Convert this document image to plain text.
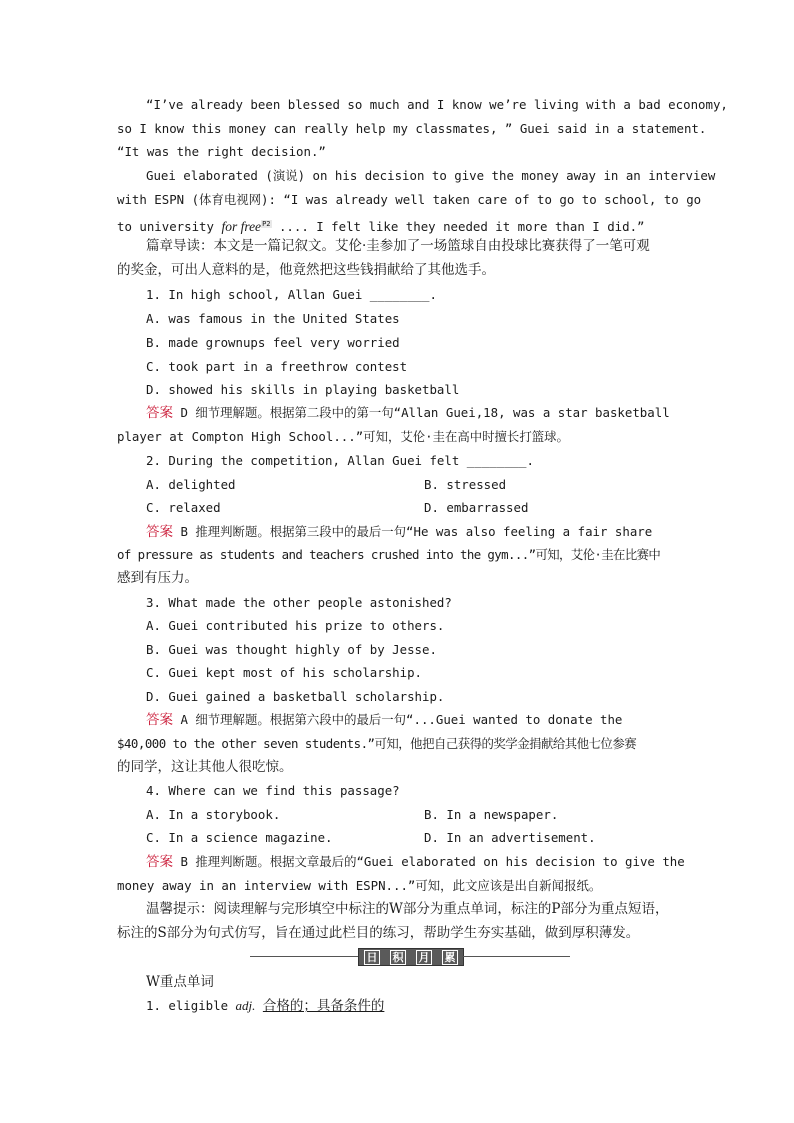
“I’ve already been blessed so much and I know we’re living with a bad economy,
so I know this money can really help my classmates, ” Guei said in a statement.
“It was the right decision.”
Guei elaborated (演说) on his decision to give the money away in an interview
with ESPN (体育电视网): “I was already well taken care of to go to school, to go
to university for free$^{P2}$ .... I felt like they needed it more than I did.”
篇章导读：本文是一篇记叙文。艾伦·圭参加了一场篮球自由投球比赛获得了一笔可观
的奖金，可出人意料的是，他竟然把这些钱捐献给了其他选手。
1. In high school, Allan Guei ________.
A. was famous in the United States
B. made grownups feel very worried
C. took part in a freethrow contest
D. showed his skills in playing basketball
答案 D 细节理解题。根据第二段中的第一句“Allan Guei,18, was a star basketball
player at Compton High School...”可知，艾伦·圭在高中时擅长打篮球。
2. During the competition, Allan Guei felt ________.
A. delighted	B. stressed
C. relaxed	D. embarrassed
答案 B 推理判断题。根据第三段中的最后一句“He was also feeling a fair share
of pressure as students and teachers crushed into the gym...”可知，艾伦·圭在比赛中
感到有压力。
3. What made the other people astonished?
A. Guei contributed his prize to others.
B. Guei was thought highly of by Jesse.
C. Guei kept most of his scholarship.
D. Guei gained a basketball scholarship.
答案 A 细节理解题。根据第六段中的最后一句“...Guei wanted to donate the
$40,000 to the other seven students.”可知，他把自己获得的奖学金捐献给其他七位参赛
的同学，这让其他人很吃惊。
4. Where can we find this passage?
A. In a storybook.	B. In a newspaper.
C. In a science magazine.	D. In an advertisement.
答案 B 推理判断题。根据文章最后的“Guei elaborated on his decision to give the
money away in an interview with ESPN...”可知，此文应该是出自新闻报纸。
温馨提示：阅读理解与完形填空中标注的W部分为重点单词，标注的P部分为重点短语，
标注的S部分为句式仿写，旨在通过此栏目的练习，帮助学生夯实基础，做到厚积薄发。
日 积 月 累
W重点单词
1. eligible adj. 合格的；具备条件的
